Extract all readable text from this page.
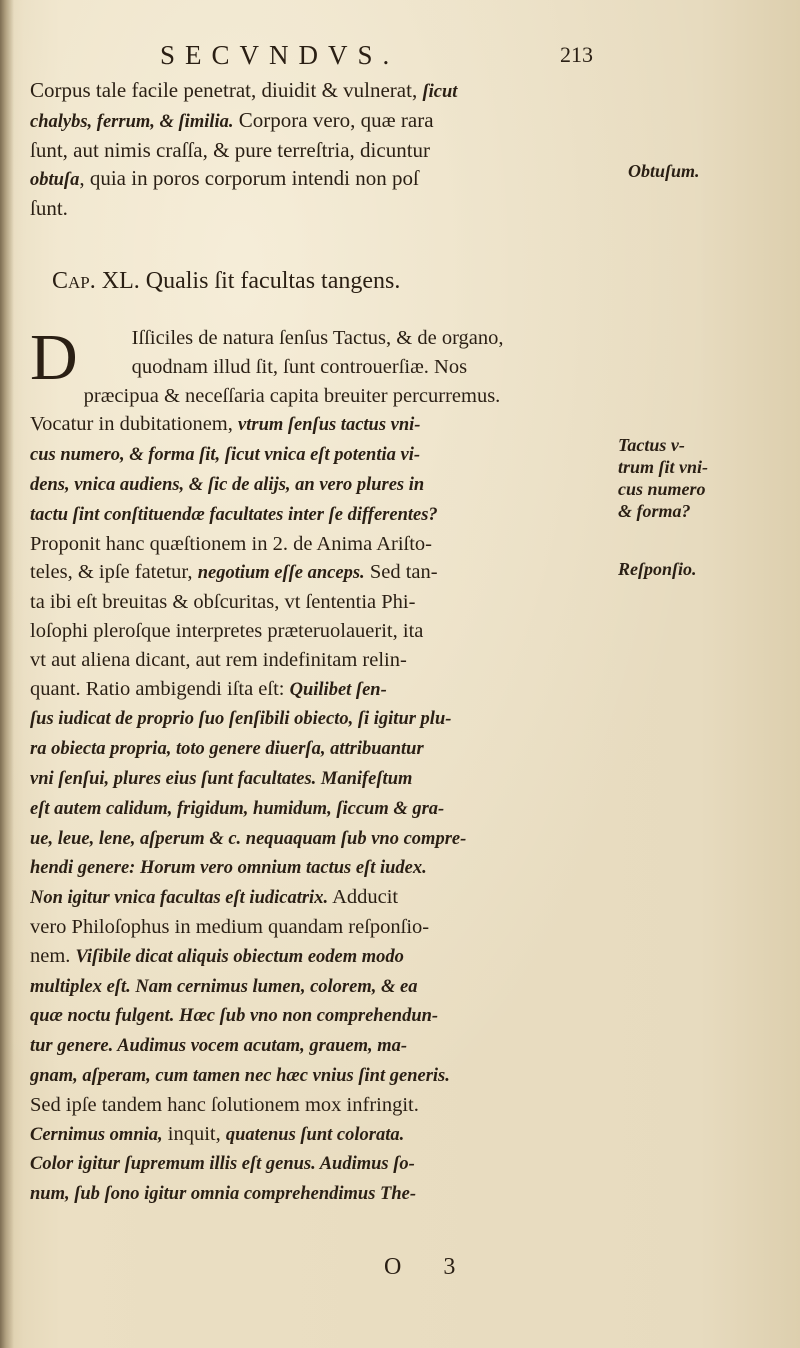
SECVNDVS.	213
Corpus tale facile penetrat, diuidit & vulnerat, ſicut
chalybs, ferrum, & ſimilia. Corpora vero, quæ rara
ſunt, aut nimis craſſa, & pure terreſtria, dicuntur
obtuſa, quia in poros corporum intendi non poſ
ſunt.
Obtuſum.
Cap. XL. Qualis ſit facultas tangens.
D	Iſſiciles de natura ſenſus Tactus, & de organo,
quodnam illud ſit, ſunt controuerſiæ. Nos
præcipua & neceſſaria capita breuiter percurremus.
Vocatur in dubitationem, vtrum ſenſus tactus vni-
cus numero, & forma ſit, ſicut vnica eſt potentia vi-
dens, vnica audiens, & ſic de alijs, an vero plures in
tactu ſint conſtituendæ facultates inter ſe differentes?
Proponit hanc quæſtionem in 2. de Anima Ariſto-
teles, & ipſe fatetur, negotium eſſe anceps. Sed tan-
ta ibi eſt breuitas & obſcuritas, vt ſententia Phi-
loſophi pleroſque interpretes præteruolauerit, ita
vt aut aliena dicant, aut rem indefinitam relin-
quant. Ratio ambigendi iſta eſt: Quilibet ſen-
ſus iudicat de proprio ſuo ſenſibili obiecto, ſi igitur plu-
ra obiecta propria, toto genere diuerſa, attribuantur
vni ſenſui, plures eius ſunt facultates. Manifeſtum
eſt autem calidum, frigidum, humidum, ſiccum & gra-
ue, leue, lene, aſperum & c. nequaquam ſub vno compre-
hendi genere: Horum vero omnium tactus eſt iudex.
Non igitur vnica facultas eſt iudicatrix. Adducit
vero Philoſophus in medium quandam reſponſio-
nem. Viſibile dicat aliquis obiectum eodem modo
multiplex eſt. Nam cernimus lumen, colorem, & ea
quæ noctu fulgent. Hæc ſub vno non comprehendun-
tur genere. Audimus vocem acutam, grauem, ma-
gnam, aſperam, cum tamen nec hæc vnius ſint generis.
Sed ipſe tandem hanc ſolutionem mox infringit.
Cernimus omnia, inquit, quatenus ſunt colorata.
Color igitur ſupremum illis eſt genus. Audimus ſo-
num, ſub ſono igitur omnia comprehendimus The-
Tactus v-
trum ſit vni-
cus numero
& forma?
Reſponſio.
O 3
